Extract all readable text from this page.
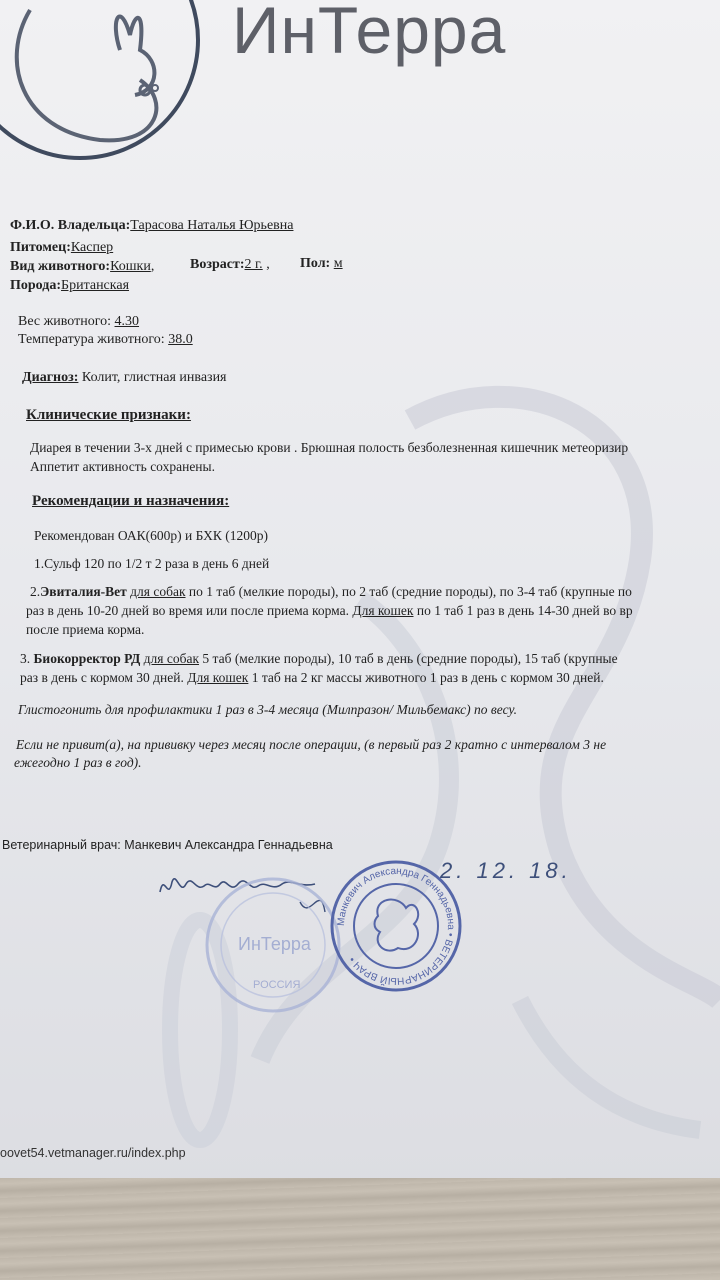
ИнТерра
Ф.И.О. Владельца:Тарасова Наталья Юрьевна
Питомец:Каспер
Вид животного:Кошки,	Возраст:2 г. , Пол: м
Порода:Британская
Вес животного: 4.30
Температура животного: 38.0
Диагноз: Колит, глистная инвазия
Клинические признаки:
Диарея в течении 3-х дней с примесью крови . Брюшная полость безболезненная кишечник метеоризир
Аппетит активность сохранены.
Рекомендации и назначения:
Рекомендован ОАК(600р) и БХК (1200р)
1.Сульф 120 по 1/2 т 2 раза в день 6 дней
2.Эвиталия-Вет для собак по 1 таб (мелкие породы), по 2 таб (средние породы), по 3-4 таб (крупные по
раз в день 10-20 дней во время или после приема корма. Для кошек по 1 таб 1 раз в день 14-30 дней во вр
после приема корма.
3. Биокорректор РД для собак 5 таб (мелкие породы), 10 таб в день (средние породы), 15 таб (крупные
раз в день с кормом 30 дней. Для кошек 1 таб на 2 кг массы животного 1 раз в день с кормом 30 дней.
Глистогонить для профилактики 1 раз в 3-4 месяца (Милпразон/ Мильбемакс) по весу.
Если не привит(а), на прививку через месяц после операции, (в первый раз 2 кратно с интервалом 3 не
ежегодно 1 раз в год).
Ветеринарный врач: Манкевич Александра Геннадьевна
2. 12. 18.
ИнТерра
РОССИЯ
Манкевич Александра Геннадьевна • ВЕТЕРИНАРНЫЙ ВРАЧ •
oovet54.vetmanager.ru/index.php
